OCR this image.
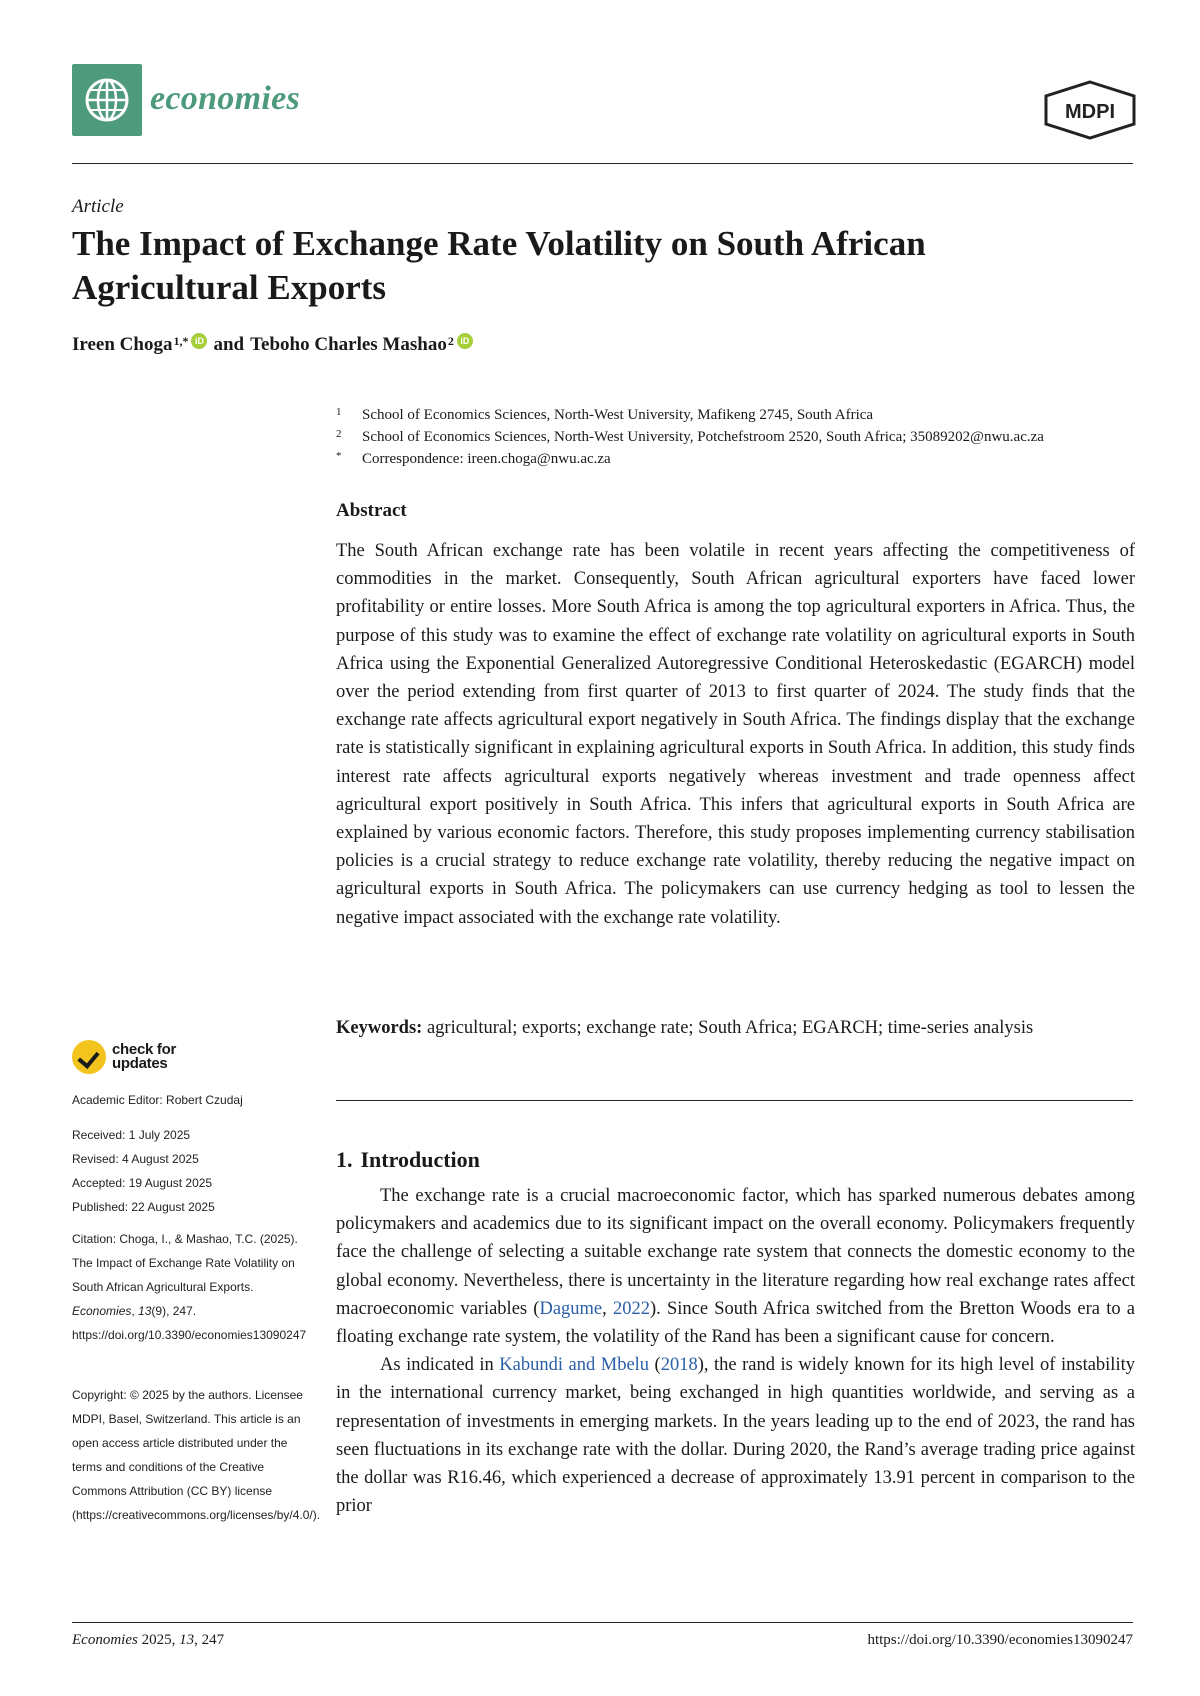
economies	MDPI
Article
The Impact of Exchange Rate Volatility on South African
Agricultural Exports
Ireen Choga$^{1,*}$ iD and Teboho Charles Mashao$^2$ iD
1	School of Economics Sciences, North-West University, Mafikeng 2745, South Africa
2	School of Economics Sciences, North-West University, Potchefstroom 2520, South Africa; 35089202@nwu.ac.za
*	Correspondence: ireen.choga@nwu.ac.za
Abstract
The South African exchange rate has been volatile in recent years affecting the competitiveness of commodities in the market. Consequently, South African agricultural exporters have faced lower profitability or entire losses. More South Africa is among the top agricultural exporters in Africa. Thus, the purpose of this study was to examine the effect of exchange rate volatility on agricultural exports in South Africa using the Exponential Generalized Autoregressive Conditional Heteroskedastic (EGARCH) model over the period extending from first quarter of 2013 to first quarter of 2024. The study finds that the exchange rate affects agricultural export negatively in South Africa. The findings display that the exchange rate is statistically significant in explaining agricultural exports in South Africa. In addition, this study finds interest rate affects agricultural exports negatively whereas investment and trade openness affect agricultural export positively in South Africa. This infers that agricultural exports in South Africa are explained by various economic factors. Therefore, this study proposes implementing currency stabilisation policies is a crucial strategy to reduce exchange rate volatility, thereby reducing the negative impact on agricultural exports in South Africa. The policymakers can use currency hedging as tool to lessen the negative impact associated with the exchange rate volatility.
Keywords: agricultural; exports; exchange rate; South Africa; EGARCH; time-series analysis
1. Introduction

The exchange rate is a crucial macroeconomic factor, which has sparked numerous debates among policymakers and academics due to its significant impact on the overall economy. Policymakers frequently face the challenge of selecting a suitable exchange rate system that connects the domestic economy to the global economy. Nevertheless, there is uncertainty in the literature regarding how real exchange rates affect macroeconomic variables (Dagume, 2022). Since South Africa switched from the Bretton Woods era to a floating exchange rate system, the volatility of the Rand has been a significant cause for concern.

As indicated in Kabundi and Mbelu (2018), the rand is widely known for its high level of instability in the international currency market, being exchanged in high quantities worldwide, and serving as a representation of investments in emerging markets. In the years leading up to the end of 2023, the rand has seen fluctuations in its exchange rate with the dollar. During 2020, the Rand’s average trading price against the dollar was R16.46, which experienced a decrease of approximately 13.91 percent in comparison to the prior

check for
updates
Academic Editor: Robert Czudaj
Received: 1 July 2025
Revised: 4 August 2025
Accepted: 19 August 2025
Published: 22 August 2025
Citation: Choga, I., & Mashao, T.C. (2025). The Impact of Exchange Rate Volatility on South African Agricultural Exports. Economies, 13(9), 247. https://doi.org/10.3390/economies13090247
Copyright: © 2025 by the authors. Licensee MDPI, Basel, Switzerland. This article is an open access article distributed under the terms and conditions of the Creative Commons Attribution (CC BY) license (https://creativecommons.org/licenses/by/4.0/).
Economies 2025, 13, 247	https://doi.org/10.3390/economies13090247
